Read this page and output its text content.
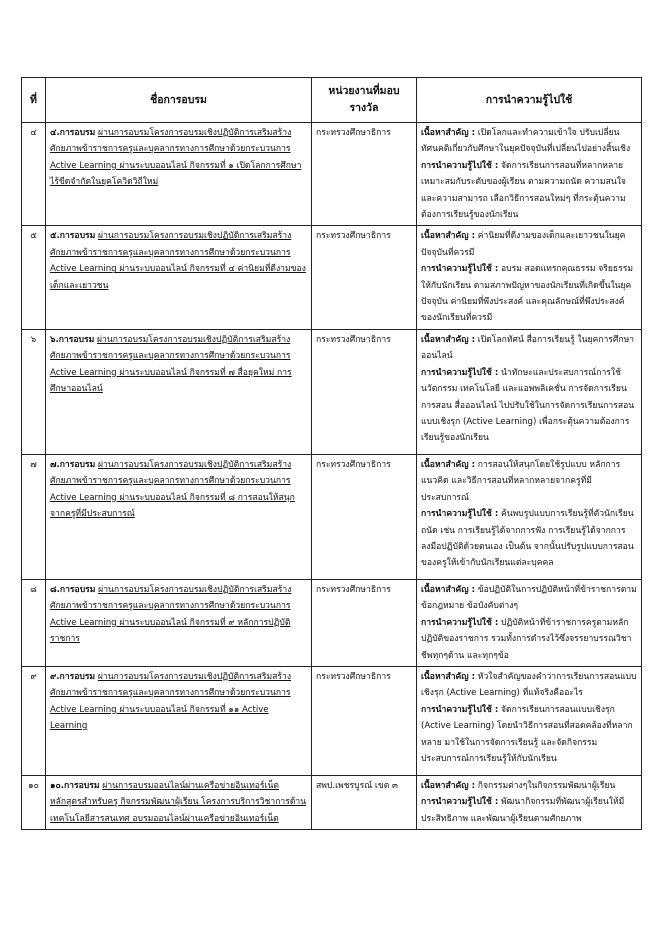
ที่	ชื่อการอบรม	หน่วยงานที่มอบรางวัล	การนำความรู้ไปใช้
๔	๔.การอบรม ผ่านการอบรมโครงการอบรมเชิงปฏิบัติการเสริมสร้างศักยภาพข้าราชการครูและบุคลากรทางการศึกษาด้วยกระบวนการ Active Learning ผ่านระบบออนไลน์ กิจกรรมที่ ๑ เปิดโลกการศึกษาไร้ขีดจำกัดในยุคโควิดวิถีใหม่	กระทรวงศึกษาธิการ	เนื้อหาสำคัญ : เปิดโลกและทำความเข้าใจ ปรับเปลี่ยนทัศนคติเกี่ยวกับศึกษาในยุคปัจจุบันที่เปลี่ยนไปอย่างสิ้นเชิง
การนำความรู้ไปใช้ : จัดการเรียนการสอนที่หลากหลายเหมาะสมกับระดับของผู้เรียน ตามความถนัด ความสนใจ และความสามารถ เลือกวิธีการสอนใหม่ๆ ที่กระตุ้นความต้องการเรียนรู้ของนักเรียน
๕	๕.การอบรม ผ่านการอบรมโครงการอบรมเชิงปฏิบัติการเสริมสร้างศักยภาพข้าราชการครูและบุคลากรทางการศึกษาด้วยกระบวนการ Active Learning ผ่านระบบออนไลน์ กิจกรรมที่ ๔ ค่านิยมที่ดีงามของเด็กและเยาวชน	กระทรวงศึกษาธิการ	เนื้อหาสำคัญ : ค่านิยมที่ดีงามของเด็กและเยาวชนในยุคปัจจุบันที่ควรมี
การนำความรู้ไปใช้ : อบรม สอดแทรกคุณธรรม จริยธรรม ให้กับนักเรียน ตามสภาพปัญหาของนักเรียนที่เกิดขึ้นในยุคปัจจุบัน ค่านิยมที่พึงประสงค์ และคุณลักษณ์ที่พึงประสงค์ของนักเรียนที่ควรมี
๖	๖.การอบรม ผ่านการอบรมโครงการอบรมเชิงปฏิบัติการเสริมสร้างศักยภาพข้าราชการครูและบุคลากรทางการศึกษาด้วยกระบวนการ Active Learning ผ่านระบบออนไลน์ กิจกรรมที่ ๗ สื่อยุคใหม่ การศึกษาออนไลน์	กระทรวงศึกษาธิการ	เนื้อหาสำคัญ : เปิดโลกทัศน์ สื่อการเรียนรู้ ในยุคการศึกษาออนไลน์
การนำความรู้ไปใช้ : นำทักษะและประสบการณ์การใช้นวัตกรรม เทคโนโลยี และแอพพลิเคชั่น การจัดการเรียนการสอน สื่อออนไลน์ ไปปรับใช้ในการจัดการเรียนการสอนแบบเชิงรุก (Active Learning) เพื่อกระตุ้นความต้องการเรียนรู้ของนักเรียน
๗	๗.การอบรม ผ่านการอบรมโครงการอบรมเชิงปฏิบัติการเสริมสร้างศักยภาพข้าราชการครูและบุคลากรทางการศึกษาด้วยกระบวนการ Active Learning ผ่านระบบออนไลน์ กิจกรรมที่ ๘ การสอนให้สนุกจากครูที่มีประสบการณ์	กระทรวงศึกษาธิการ	เนื้อหาสำคัญ : การสอนให้สนุกโดยใช้รูปแบบ หลักการ แนวคิด และวิธีการสอนที่หลากหลายจากครูที่มีประสบการณ์
การนำความรู้ไปใช้ : ค้นพบรูปแบบการเรียนรู้ที่ตัวนักเรียนถนัด เช่น การเรียนรู้ได้จากการฟัง การเรียนรู้ได้จากการลงมือปฏิบัติด้วยตนเอง เป็นต้น จากนั้นปรับรูปแบบการสอนของครูให้เข้ากับนักเรียนแต่ละบุคคล
๘	๘.การอบรม ผ่านการอบรมโครงการอบรมเชิงปฏิบัติการเสริมสร้างศักยภาพข้าราชการครูและบุคลากรทางการศึกษาด้วยกระบวนการ Active Learning ผ่านระบบออนไลน์ กิจกรรมที่ ๙ หลักการปฏิบัติราชการ	กระทรวงศึกษาธิการ	เนื้อหาสำคัญ : ข้อปฏิบัติในการปฏิบัติหน้าที่ข้าราชการตามข้อกฎหมาย ข้อบังคับต่างๆ
การนำความรู้ไปใช้ : ปฏิบัติหน้าที่ข้าราชการครูตามหลักปฏิบัติของราชการ รวมทั้งการดำรงไว้ซึ่งจรรยาบรรณวิชาชีพทุกๆด้าน และทุกๆข้อ
๙	๙.การอบรม ผ่านการอบรมโครงการอบรมเชิงปฏิบัติการเสริมสร้างศักยภาพข้าราชการครูและบุคลากรทางการศึกษาด้วยกระบวนการ Active Learning ผ่านระบบออนไลน์ กิจกรรมที่ ๑๑ Active Learning	กระทรวงศึกษาธิการ	เนื้อหาสำคัญ : หัวใจสำคัญของคำว่าการเรียนการสอนแบบเชิงรุก (Active Learning) ที่แท้จริงคืออะไร
การนำความรู้ไปใช้ : จัดการเรียนการสอนแบบเชิงรุก (Active Learning) โดยนำวิธีการสอนที่สอดคล้องที่หลากหลาย มาใช้ในการจัดการเรียนรู้ และจัดกิจกรรมประสบการณ์การเรียนรู้ให้กับนักเรียน
๑๐	๑๐.การอบรม ผ่านการอบรมออนไลน์ผ่านเครือข่ายอินเทอร์เน็ต หลักสูตรสำหรับครู กิจกรรมพัฒนาผู้เรียน โครงการบริการวิชาการด้านเทคโนโลยีสารสนเทศ อบรมออนไลน์ผ่านเครือข่ายอินเทอร์เน็ต	สพป.เพชรบูรณ์ เขต ๓	เนื้อหาสำคัญ : กิจกรรมต่างๆในกิจกรรมพัฒนาผู้เรียน
การนำความรู้ไปใช้ : พัฒนากิจกรรมที่พัฒนาผู้เรียนให้มีประสิทธิภาพ และพัฒนาผู้เรียนตามศักยภาพ
